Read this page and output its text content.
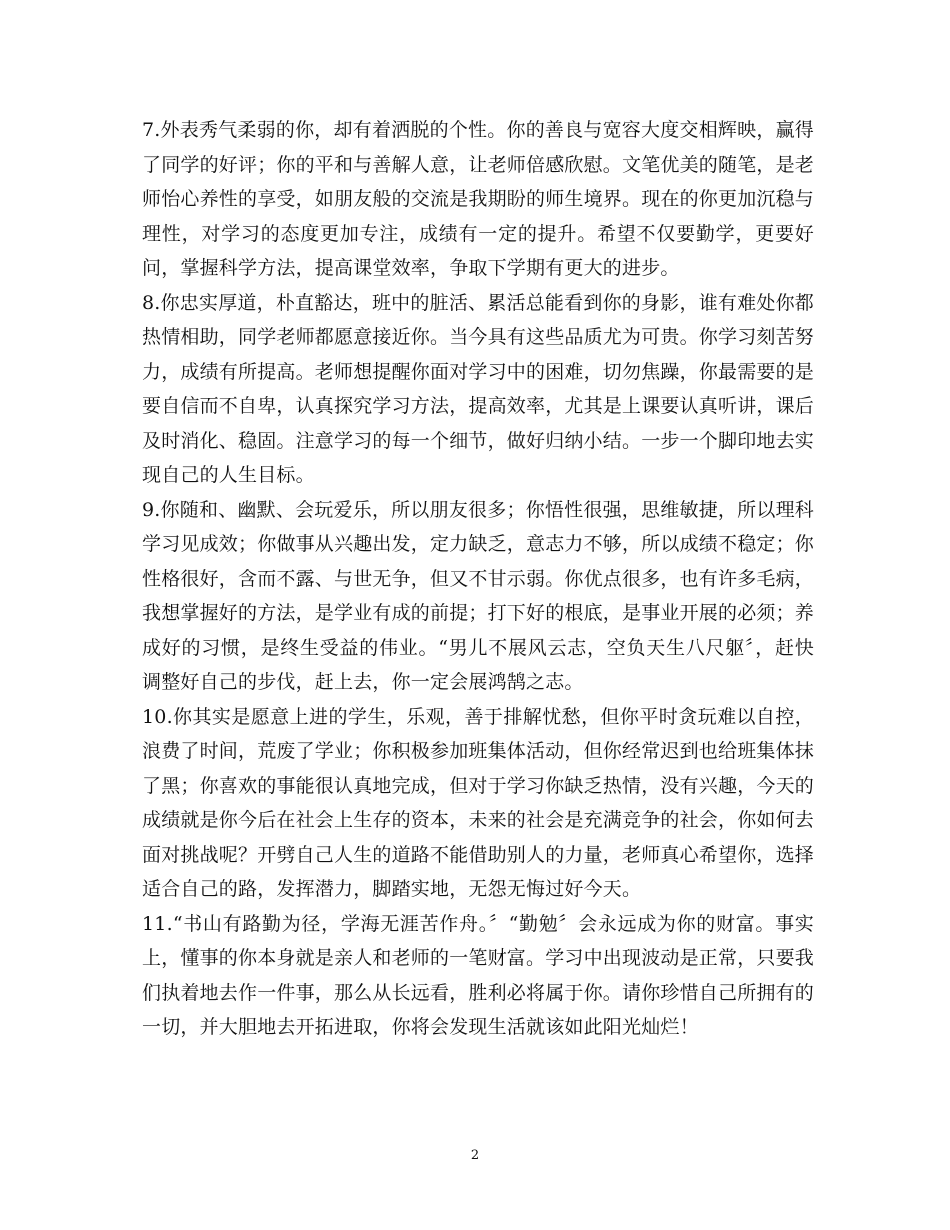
7.外表秀气柔弱的你，却有着洒脱的个性。你的善良与宽容大度交相辉映，赢得了同学的好评；你的平和与善解人意，让老师倍感欣慰。文笔优美的随笔，是老师怡心养性的享受，如朋友般的交流是我期盼的师生境界。现在的你更加沉稳与理性，对学习的态度更加专注，成绩有一定的提升。希望不仅要勤学，更要好问，掌握科学方法，提高课堂效率，争取下学期有更大的进步。

8.你忠实厚道，朴直豁达，班中的脏活、累活总能看到你的身影，谁有难处你都热情相助，同学老师都愿意接近你。当今具有这些品质尤为可贵。你学习刻苦努力，成绩有所提高。老师想提醒你面对学习中的困难，切勿焦躁，你最需要的是要自信而不自卑，认真探究学习方法，提高效率，尤其是上课要认真听讲，课后及时消化、稳固。注意学习的每一个细节，做好归纳小结。一步一个脚印地去实现自己的人生目标。

9.你随和、幽默、会玩爱乐，所以朋友很多；你悟性很强，思维敏捷，所以理科学习见成效；你做事从兴趣出发，定力缺乏，意志力不够，所以成绩不稳定；你性格很好，含而不露、与世无争，但又不甘示弱。你优点很多，也有许多毛病，我想掌握好的方法，是学业有成的前提；打下好的根底，是事业开展的必须；养成好的习惯，是终生受益的伟业。“男儿不展风云志，空负天生八尺躯〞，赶快调整好自己的步伐，赶上去，你一定会展鸿鹄之志。

10.你其实是愿意上进的学生，乐观，善于排解忧愁，但你平时贪玩难以自控，浪费了时间，荒废了学业；你积极参加班集体活动，但你经常迟到也给班集体抹了黑；你喜欢的事能很认真地完成，但对于学习你缺乏热情，没有兴趣，今天的成绩就是你今后在社会上生存的资本，未来的社会是充满竞争的社会，你如何去面对挑战呢？开劈自己人生的道路不能借助别人的力量，老师真心希望你，选择适合自己的路，发挥潜力，脚踏实地，无怨无悔过好今天。

11.“书山有路勤为径，学海无涯苦作舟。〞“勤勉〞会永远成为你的财富。事实上，懂事的你本身就是亲人和老师的一笔财富。学习中出现波动是正常，只要我们执着地去作一件事，那么从长远看，胜利必将属于你。请你珍惜自己所拥有的一切，并大胆地去开拓进取，你将会发现生活就该如此阳光灿烂！

2
